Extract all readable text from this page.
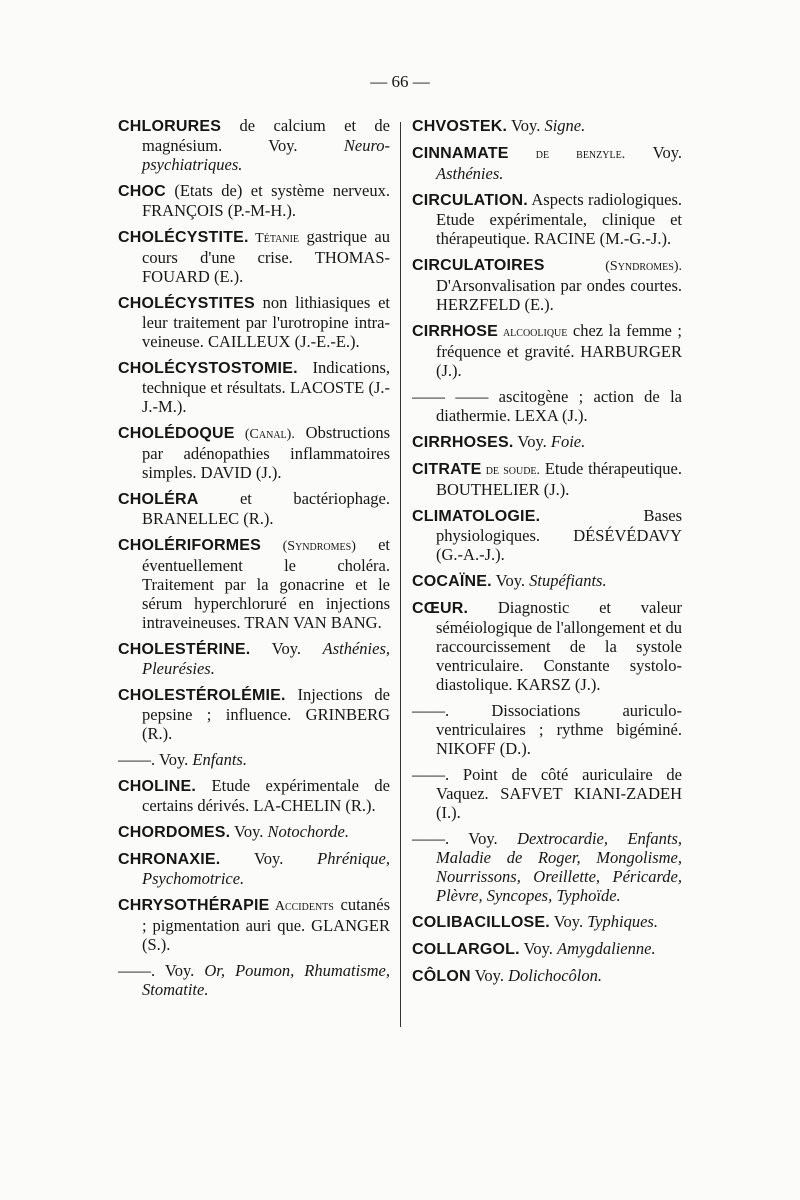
— 66 —
CHLORURES de calcium et de magnésium. Voy. Neuro-psychiatriques.
CHOC (Etats de) et système nerveux. FRANÇOIS (P.-M-H.).
CHOLÉCYSTITE. Tétanie gastrique au cours d'une crise. THOMAS-FOUARD (E.).
CHOLÉCYSTITES non lithiasiques et leur traitement par l'urotropine intra-veineuse. CAILLEUX (J.-E.-E.).
CHOLÉCYSTOSTOMIE. Indications, technique et résultats. LACOSTE (J.-J.-M.).
CHOLÉDOQUE (Canal). Obstructions par adénopathies inflammatoires simples. DAVID (J.).
CHOLÉRA et bactériophage. BRANELLEC (R.).
CHOLÉRIFORMES (Syndromes) et éventuellement le choléra. Traitement par la gonacrine et le sérum hyperchloruré en injections intraveineuses. TRAN VAN BANG.
CHOLESTÉRINE. Voy. Asthénies, Pleurésies.
CHOLESTÉROLÉMIE. Injections de pepsine ; influence. GRINBERG (R.).
——. Voy. Enfants.
CHOLINE. Etude expérimentale de certains dérivés. LA-CHELIN (R.).
CHORDOMES. Voy. Notochorde.
CHRONAXIE. Voy. Phrénique, Psychomotrice.
CHRYSOTHÉRAPIE Accidents cutanés ; pigmentation auri que. GLANGER (S.).
——. Voy. Or, Poumon, Rhumatisme, Stomatite.
CHVOSTEK. Voy. Signe.
CINNAMATE de benzyle. Voy. Asthénies.
CIRCULATION. Aspects radiologiques. Etude expérimentale, clinique et thérapeutique. RACINE (M.-G.-J.).
CIRCULATOIRES (Syndromes). D'Arsonvalisation par ondes courtes. HERZFELD (E.).
CIRRHOSE alcoolique chez la femme ; fréquence et gravité. HARBURGER (J.).
—— —— ascitogène ; action de la diathermie. LEXA (J.).
CIRRHOSES. Voy. Foie.
CITRATE de soude. Etude thérapeutique. BOUTHELIER (J.).
CLIMATOLOGIE. Bases physiologiques. DÉSÉVÉDAVY (G.-A.-J.).
COCAÏNE. Voy. Stupéfiants.
CŒUR. Diagnostic et valeur séméiologique de l'allongement et du raccourcissement de la systole ventriculaire. Constante systolo-diastolique. KARSZ (J.).
——. Dissociations auriculo-ventriculaires ; rythme bigéminé. NIKOFF (D.).
——. Point de côté auriculaire de Vaquez. SAFVET KIANI-ZADEH (I.).
——. Voy. Dextrocardie, Enfants, Maladie de Roger, Mongolisme, Nourrissons, Oreillette, Péricarde, Plèvre, Syncopes, Typhoïde.
COLIBACILLOSE. Voy. Typhiques.
COLLARGOL. Voy. Amygdalienne.
CÔLON Voy. Dolichocôlon.
